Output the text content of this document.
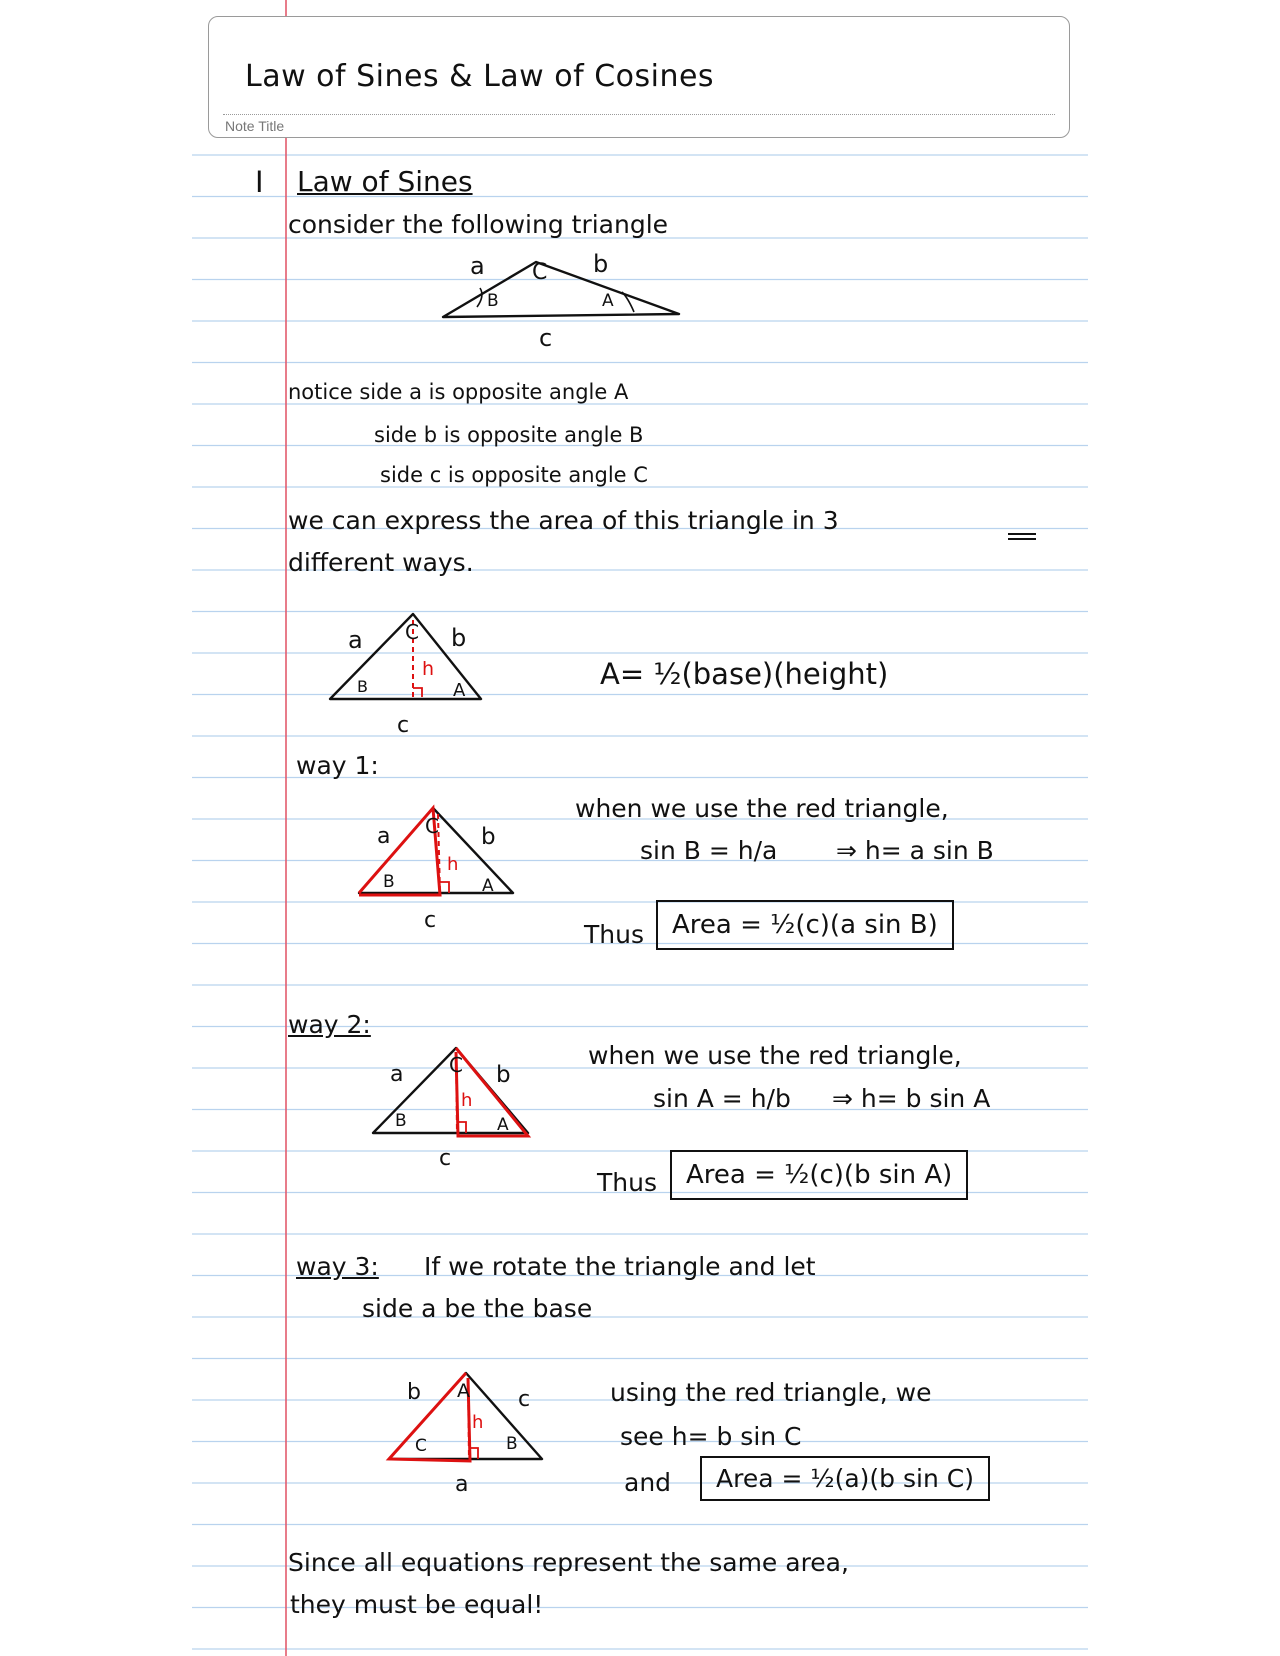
Law of Sines & Law of Cosines
Note Title
I Law of Sines
consider the following triangle
a C b
B	A
c
notice side a is opposite angle A
side b is opposite angle B
side c is opposite angle C
we can express the area of this triangle in 3
different ways.
a C b
h
B	A
c
A= ½(base)(height)
way 1:
a C b
h
B	A
c
when we use the red triangle,
sin B = h/a ⇒ h= a sin B
Thus	Area = ½(c)(a sin B)
way 2:
a C b
h
B	A
c
when we use the red triangle,
sin A = h/b ⇒ h= b sin A
Thus	Area = ½(c)(b sin A)
way 3: If we rotate the triangle and let
side a be the base
b A c
h
C	B
a
using the red triangle, we
see h= b sin C
and	Area = ½(a)(b sin C)
Since all equations represent the same area,
they must be equal!
